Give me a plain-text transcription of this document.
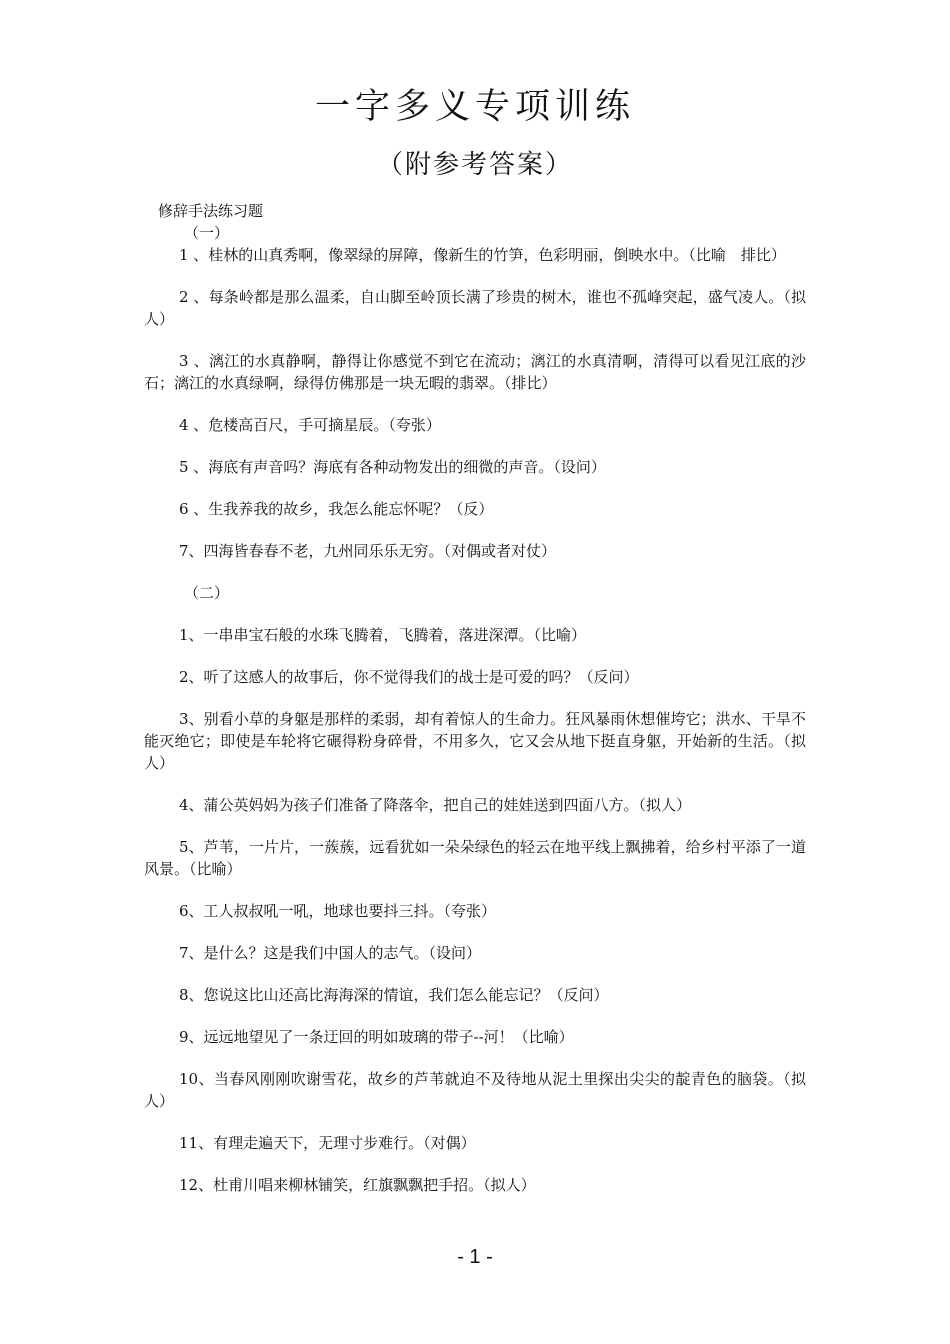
一字多义专项训练
（附参考答案）

修辞手法练习题

（一）

1 、桂林的山真秀啊，像翠绿的屏障，像新生的竹笋，色彩明丽，倒映水中。（比喻　排比）

2 、每条岭都是那么温柔，自山脚至岭顶长满了珍贵的树木，谁也不孤峰突起，盛气凌人。（拟人）

3 、漓江的水真静啊，静得让你感觉不到它在流动；漓江的水真清啊，清得可以看见江底的沙石；漓江的水真绿啊，绿得仿佛那是一块无暇的翡翠。（排比）

4 、危楼高百尺，手可摘星辰。（夸张）

5 、海底有声音吗？海底有各种动物发出的细微的声音。（设问）

6 、生我养我的故乡，我怎么能忘怀呢？（反）

7、四海皆春春不老，九州同乐乐无穷。（对偶或者对仗）

（二）

1、一串串宝石般的水珠飞腾着，飞腾着，落进深潭。（比喻）

2、听了这感人的故事后，你不觉得我们的战士是可爱的吗？（反问）

3、别看小草的身躯是那样的柔弱，却有着惊人的生命力。狂风暴雨休想催垮它；洪水、干旱不能灭绝它；即使是车轮将它碾得粉身碎骨，不用多久，它又会从地下挺直身躯，开始新的生活。（拟人）

4、蒲公英妈妈为孩子们准备了降落伞，把自己的娃娃送到四面八方。（拟人）

5、芦苇，一片片，一蔟蔟，远看犹如一朵朵绿色的轻云在地平线上飘拂着，给乡村平添了一道风景。（比喻）

6、工人叔叔吼一吼，地球也要抖三抖。（夸张）

7、是什么？这是我们中国人的志气。（设问）

8、您说这比山还高比海海深的情谊，我们怎么能忘记？（反问）

9、远远地望见了一条迂回的明如玻璃的带子--河！（比喻）

10、当春风刚刚吹谢雪花，故乡的芦苇就迫不及待地从泥土里探出尖尖的靛青色的脑袋。（拟人）

11、有理走遍天下，无理寸步难行。（对偶）

12、杜甫川唱来柳林铺笑，红旗飘飘把手招。（拟人）

- 1 -
